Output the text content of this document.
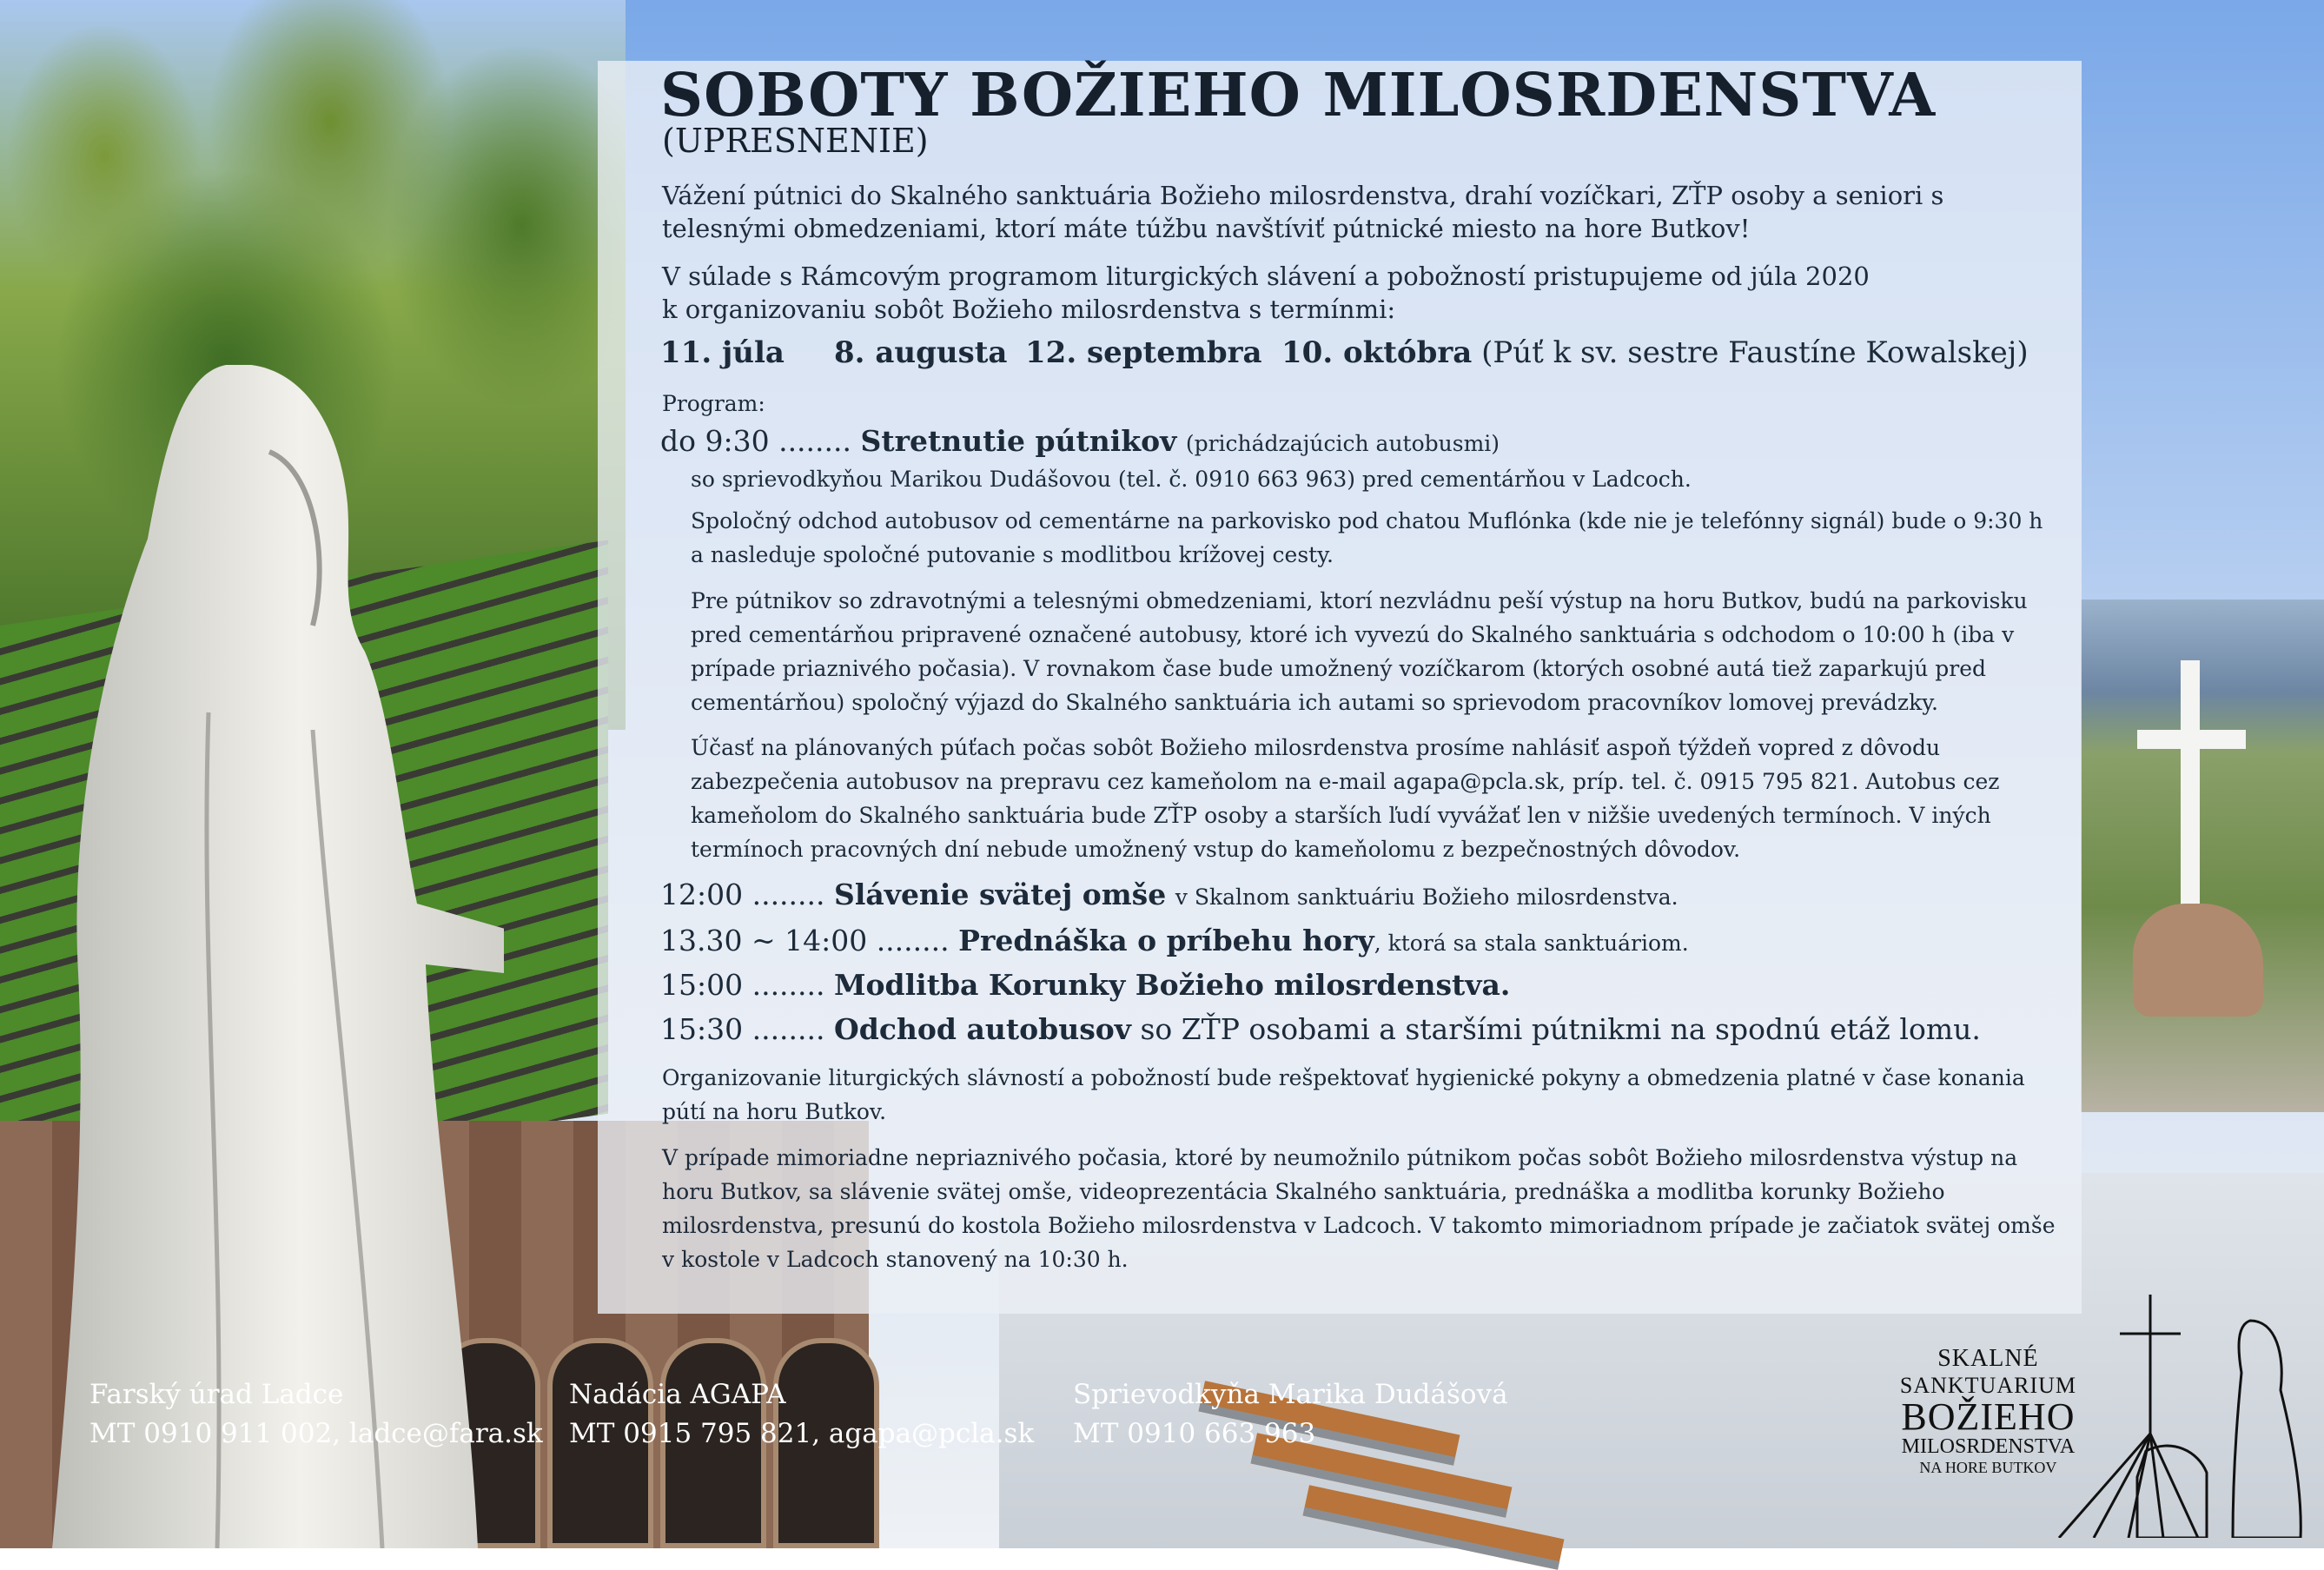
SOBOTY BOŽIEHO MILOSRDENSTVA
(UPRESNENIE)

Vážení pútnici do Skalného sanktuária Božieho milosrdenstva, drahí vozíčkari, ZŤP osoby a seniori s

telesnými obmedzeniami, ktorí máte túžbu navštíviť pútnické miesto na hore Butkov!

V súlade s Rámcovým programom liturgických slávení a pobožností pristupujeme od júla 2020

k organizovaniu sobôt Božieho milosrdenstva s termínmi:

11. júla 8. augusta 12. septembra 10. októbra (Púť k sv. sestre Faustíne Kowalskej)
Program:
do 9:30 ........ Stretnutie pútnikov (prichádzajúcich autobusmi)

so sprievodkyňou Marikou Dudášovou (tel. č. 0910 663 963) pred cementárňou v Ladcoch.

Spoločný odchod autobusov od cementárne na parkovisko pod chatou Muflónka (kde nie je telefónny signál) bude o 9:30 h

a nasleduje spoločné putovanie s modlitbou krížovej cesty.

Pre pútnikov so zdravotnými a telesnými obmedzeniami, ktorí nezvládnu peší výstup na horu Butkov, budú na parkovisku

pred cementárňou pripravené označené autobusy, ktoré ich vyvezú do Skalného sanktuária s odchodom o 10:00 h (iba v

prípade priaznivého počasia). V rovnakom čase bude umožnený vozíčkarom (ktorých osobné autá tiež zaparkujú pred

cementárňou) spoločný výjazd do Skalného sanktuária ich autami so sprievodom pracovníkov lomovej prevádzky.

Účasť na plánovaných púťach počas sobôt Božieho milosrdenstva prosíme nahlásiť aspoň týždeň vopred z dôvodu

zabezpečenia autobusov na prepravu cez kameňolom na e-mail agapa@pcla.sk, príp. tel. č. 0915 795 821. Autobus cez

kameňolom do Skalného sanktuária bude ZŤP osoby a starších ľudí vyvážať len v nižšie uvedených termínoch. V iných

termínoch pracovných dní nebude umožnený vstup do kameňolomu z bezpečnostných dôvodov.

12:00 ........ Slávenie svätej omše v Skalnom sanktuáriu Božieho milosrdenstva.
13.30 ~ 14:00 ........ Prednáška o príbehu hory, ktorá sa stala sanktuáriom.
15:00 ........ Modlitba Korunky Božieho milosrdenstva.
15:30 ........ Odchod autobusov so ZŤP osobami a staršími pútnikmi na spodnú etáž lomu.

Organizovanie liturgických slávností a pobožností bude rešpektovať hygienické pokyny a obmedzenia platné v čase konania

pútí na horu Butkov.

V prípade mimoriadne nepriaznivého počasia, ktoré by neumožnilo pútnikom počas sobôt Božieho milosrdenstva výstup na

horu Butkov, sa slávenie svätej omše, videoprezentácia Skalného sanktuária, prednáška a modlitba korunky Božieho

milosrdenstva, presunú do kostola Božieho milosrdenstva v Ladcoch. V takomto mimoriadnom prípade je začiatok svätej omše

v kostole v Ladcoch stanovený na 10:30 h.

Farský úrad Ladce
MT 0910 911 002, ladce@fara.sk
Nadácia AGAPA
MT 0915 795 821, agapa@pcla.sk
Sprievodkyňa Marika Dudášová
MT 0910 663 963
SKALNÉ
SANKTUARIUM
BOŽIEHO
MILOSRDENSTVA
NA HORE BUTKOV
